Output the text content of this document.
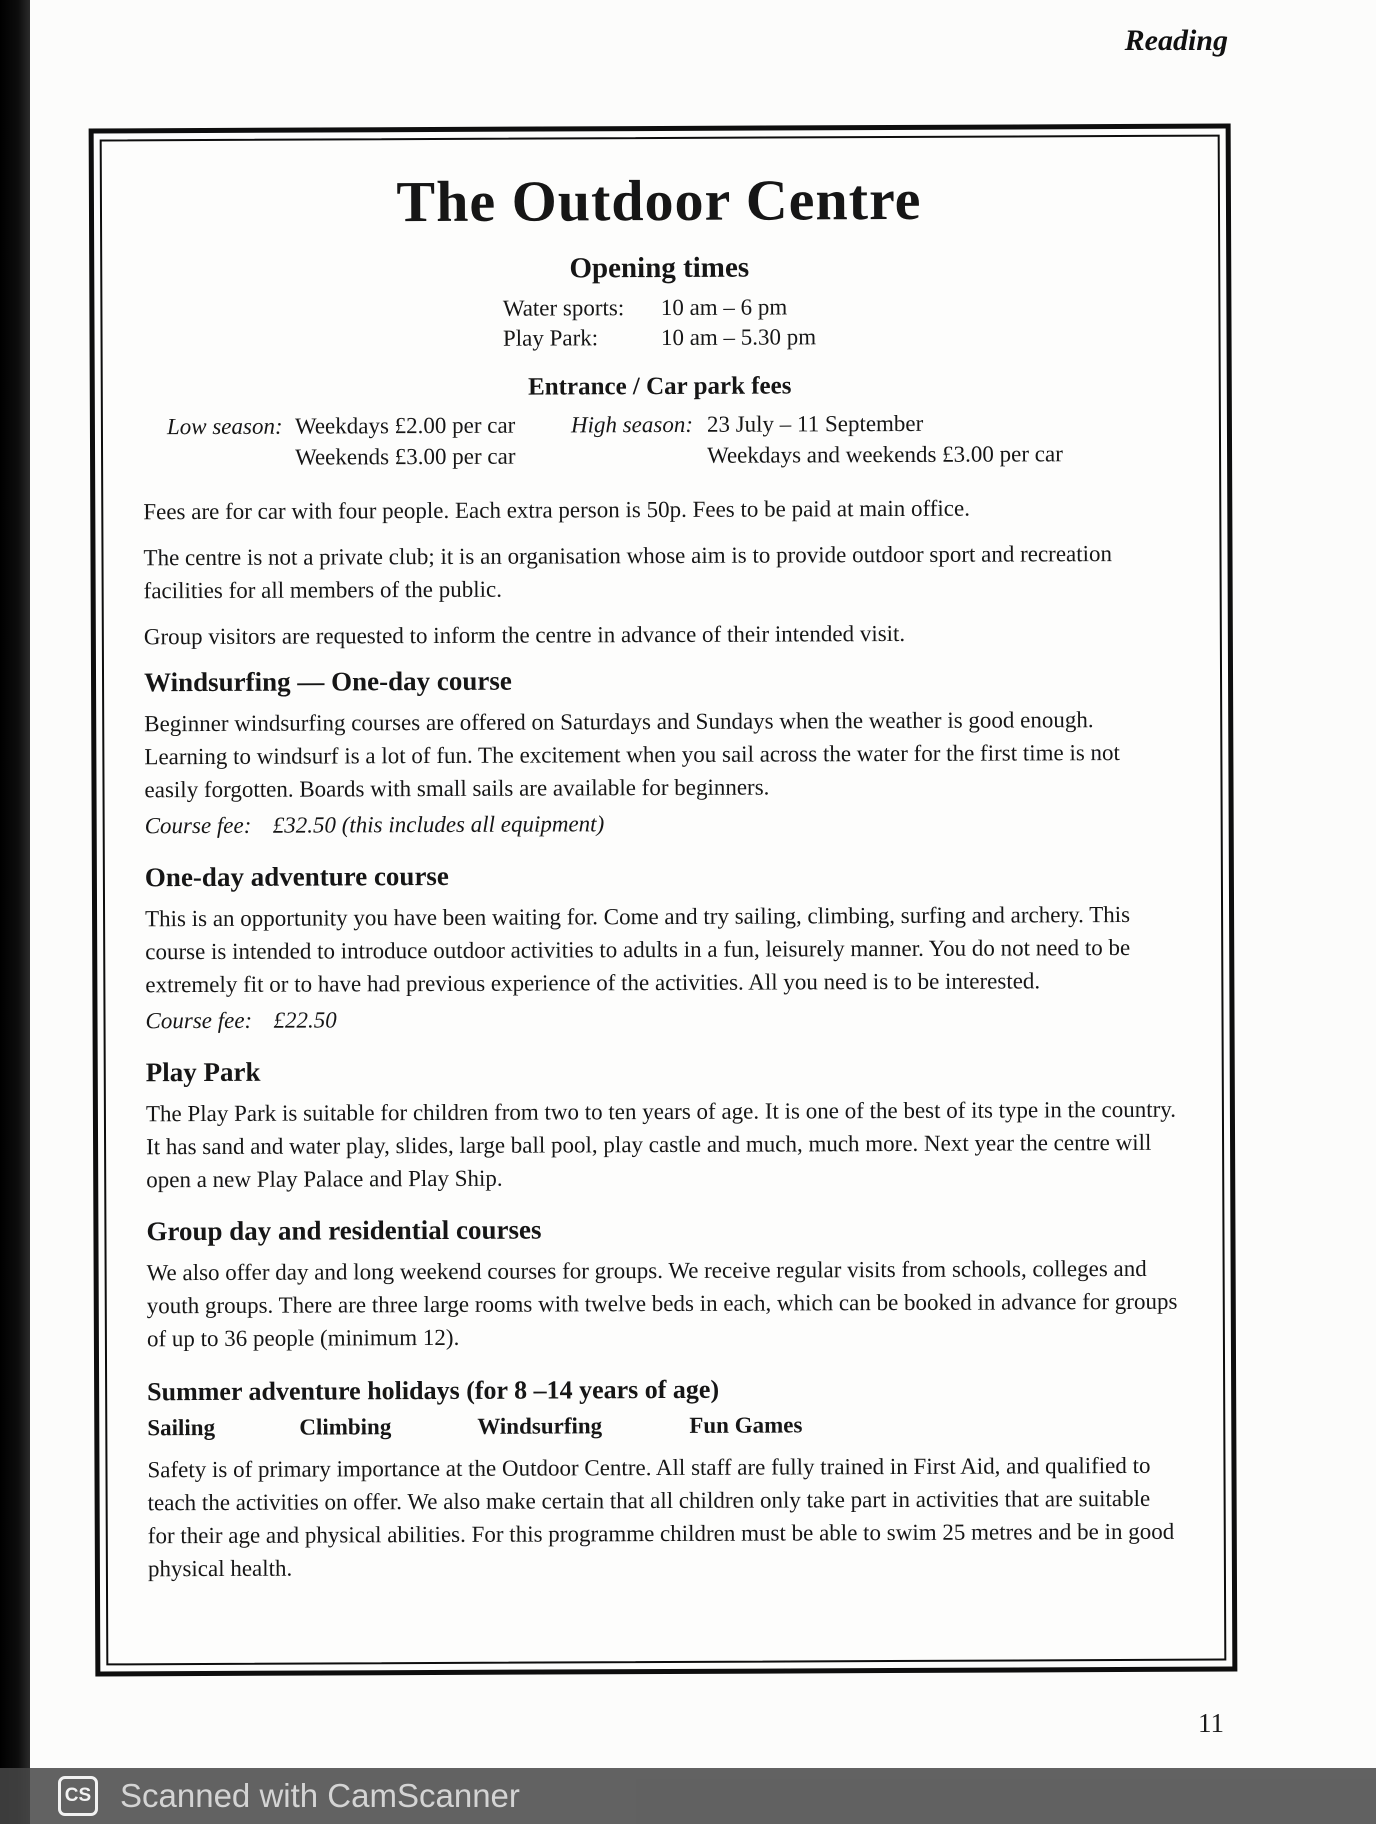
Reading
The Outdoor Centre
Opening times
Water sports:	10 am – 6 pm
Play Park:	10 am – 5.30 pm
Entrance / Car park fees
Low season: Weekdays £2.00 per car
Weekends £3.00 per car
High season: 23 July – 11 September
Weekdays and weekends £3.00 per car

Fees are for car with four people. Each extra person is 50p. Fees to be paid at main office.

The centre is not a private club; it is an organisation whose aim is to provide outdoor sport and recreation facilities for all members of the public.

Group visitors are requested to inform the centre in advance of their intended visit.

Windsurfing — One-day course

Beginner windsurfing courses are offered on Saturdays and Sundays when the weather is good enough. Learning to windsurf is a lot of fun. The excitement when you sail across the water for the first time is not easily forgotten. Boards with small sails are available for beginners.

Course fee: £32.50 (this includes all equipment)
One-day adventure course

This is an opportunity you have been waiting for. Come and try sailing, climbing, surfing and archery. This course is intended to introduce outdoor activities to adults in a fun, leisurely manner. You do not need to be extremely fit or to have had previous experience of the activities. All you need is to be interested.

Course fee: £22.50
Play Park

The Play Park is suitable for children from two to ten years of age. It is one of the best of its type in the country. It has sand and water play, slides, large ball pool, play castle and much, much more. Next year the centre will open a new Play Palace and Play Ship.

Group day and residential courses

We also offer day and long weekend courses for groups. We receive regular visits from schools, colleges and youth groups. There are three large rooms with twelve beds in each, which can be booked in advance for groups of up to 36 people (minimum 12).

Summer adventure holidays (for 8 –14 years of age)
Sailing	Climbing	Windsurfing	Fun Games

Safety is of primary importance at the Outdoor Centre. All staff are fully trained in First Aid, and qualified to teach the activities on offer. We also make certain that all children only take part in activities that are suitable for their age and physical abilities. For this programme children must be able to swim 25 metres and be in good physical health.

11
CS Scanned with CamScanner
